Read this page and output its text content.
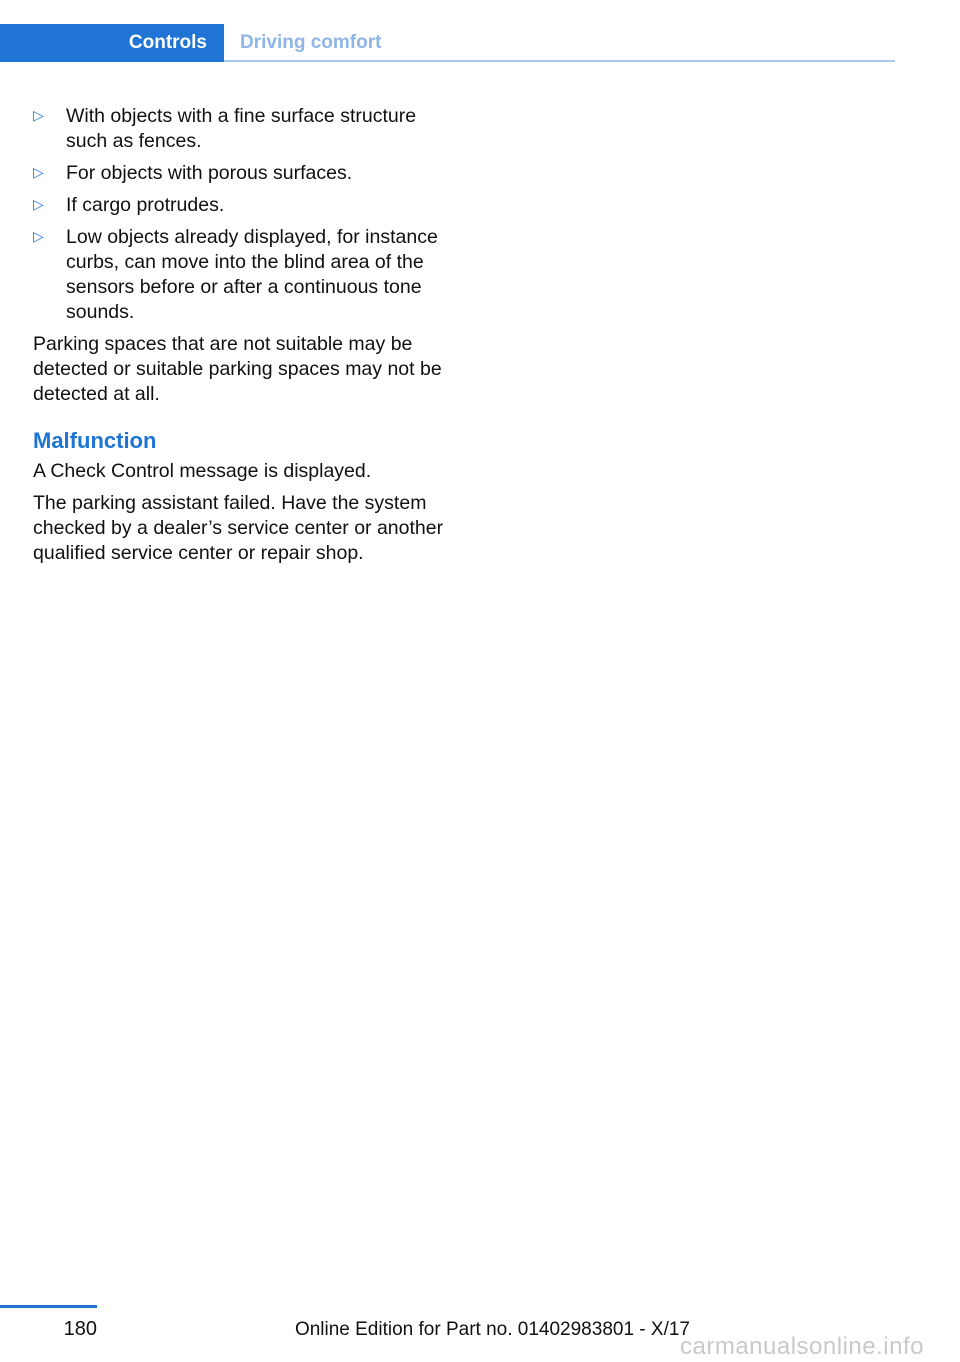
Controls Driving comfort
▷ With objects with a fine surface structure such as fences.
▷ For objects with porous surfaces.
▷ If cargo protrudes.
▷ Low objects already displayed, for instance curbs, can move into the blind area of the sensors before or after a continuous tone sounds.

Parking spaces that are not suitable may be detected or suitable parking spaces may not be detected at all.

Malfunction

A Check Control message is displayed.

The parking assistant failed. Have the system checked by a dealer’s service center or another qualified service center or repair shop.

180	Online Edition for Part no. 01402983801 - X/17
carmanualsonline.info
